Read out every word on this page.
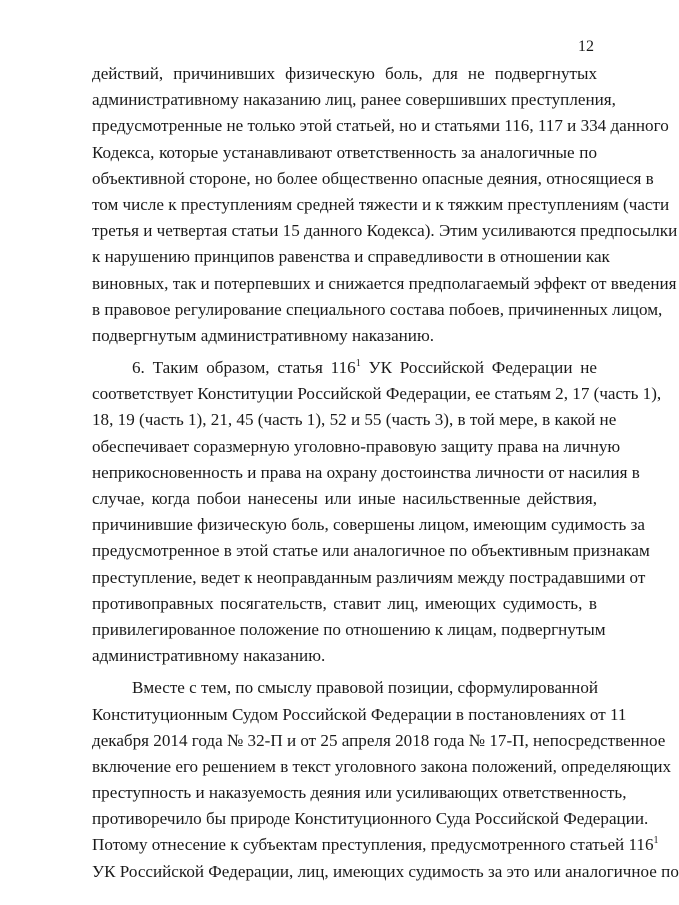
12
действий, причинивших физическую боль, для не подвергнутых
административному наказанию лиц, ранее совершивших преступления,
предусмотренные не только этой статьей, но и статьями 116, 117 и 334 данного
Кодекса, которые устанавливают ответственность за аналогичные по
объективной стороне, но более общественно опасные деяния, относящиеся в
том числе к преступлениям средней тяжести и к тяжким преступлениям (части
третья и четвертая статьи 15 данного Кодекса). Этим усиливаются предпосылки
к нарушению принципов равенства и справедливости в отношении как
виновных, так и потерпевших и снижается предполагаемый эффект от введения
в правовое регулирование специального состава побоев, причиненных лицом,
подвергнутым административному наказанию.
6. Таким образом, статья $116^1$ УК Российской Федерации не
соответствует Конституции Российской Федерации, ее статьям 2, 17 (часть 1),
18, 19 (часть 1), 21, 45 (часть 1), 52 и 55 (часть 3), в той мере, в какой не
обеспечивает соразмерную уголовно-правовую защиту права на личную
неприкосновенность и права на охрану достоинства личности от насилия в
случае, когда побои нанесены или иные насильственные действия,
причинившие физическую боль, совершены лицом, имеющим судимость за
предусмотренное в этой статье или аналогичное по объективным признакам
преступление, ведет к неоправданным различиям между пострадавшими от
противоправных посягательств, ставит лиц, имеющих судимость, в
привилегированное положение по отношению к лицам, подвергнутым
административному наказанию.
Вместе с тем, по смыслу правовой позиции, сформулированной
Конституционным Судом Российской Федерации в постановлениях от 11
декабря 2014 года № 32-П и от 25 апреля 2018 года № 17-П, непосредственное
включение его решением в текст уголовного закона положений, определяющих
преступность и наказуемость деяния или усиливающих ответственность,
противоречило бы природе Конституционного Суда Российской Федерации.
Потому отнесение к субъектам преступления, предусмотренного статьей $116^1$
УК Российской Федерации, лиц, имеющих судимость за это или аналогичное по
